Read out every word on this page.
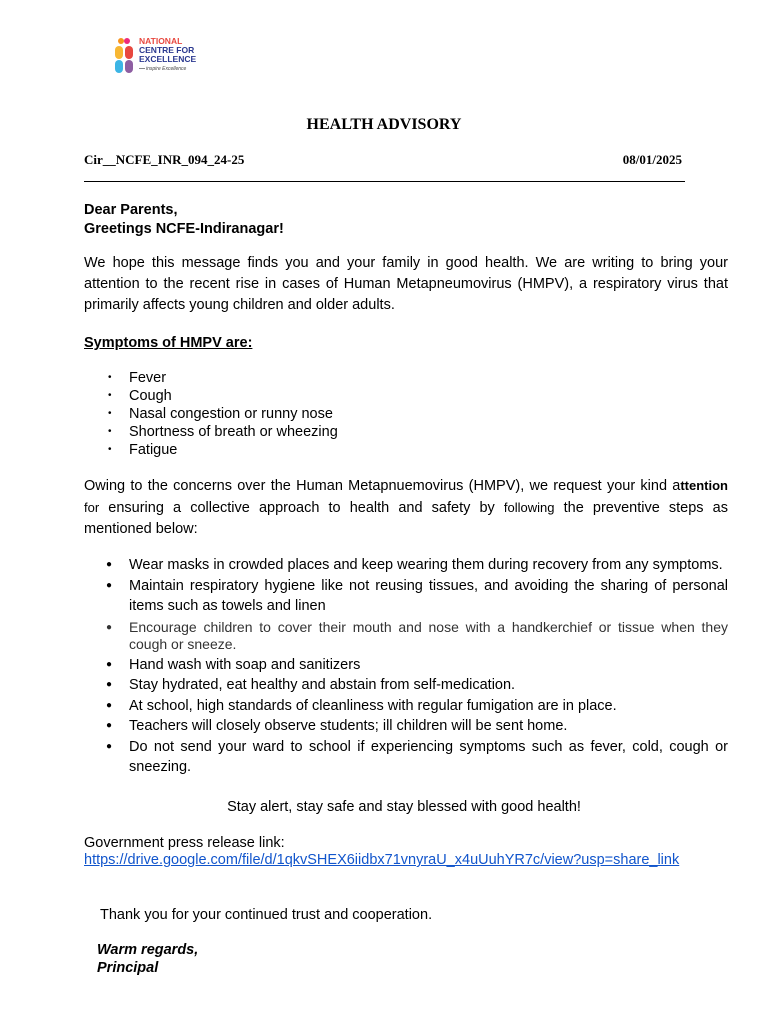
NATIONAL
CENTRE FOR
EXCELLENCE
inspire Excellence
HEALTH ADVISORY
Cir__NCFE_INR_094_24-25	08/01/2025
Dear Parents,
Greetings NCFE-Indiranagar!
We hope this message finds you and your family in good health. We are writing to bring your attention to the recent rise in cases of Human Metapneumovirus (HMPV), a respiratory virus that primarily affects young children and older adults.
Symptoms of HMPV are:
• Fever
• Cough
• Nasal congestion or runny nose
• Shortness of breath or wheezing
• Fatigue
Owing to the concerns over the Human Metapnuemovirus (HMPV), we request your kind attention for ensuring a collective approach to health and safety by following the preventive steps as mentioned below:
● Wear masks in crowded places and keep wearing them during recovery from any symptoms.
● Maintain respiratory hygiene like not reusing tissues, and avoiding the sharing of personal items such as towels and linen
● Encourage children to cover their mouth and nose with a handkerchief or tissue when they cough or sneeze.
● Hand wash with soap and sanitizers
● Stay hydrated, eat healthy and abstain from self-medication.
● At school, high standards of cleanliness with regular fumigation are in place.
● Teachers will closely observe students; ill children will be sent home.
● Do not send your ward to school if experiencing symptoms such as fever, cold, cough or sneezing.
Stay alert, stay safe and stay blessed with good health!
Government press release link:
https://drive.google.com/file/d/1qkvSHEX6iidbx71vnyraU_x4uUuhYR7c/view?usp=share_link
Thank you for your continued trust and cooperation.
Warm regards,
Principal
